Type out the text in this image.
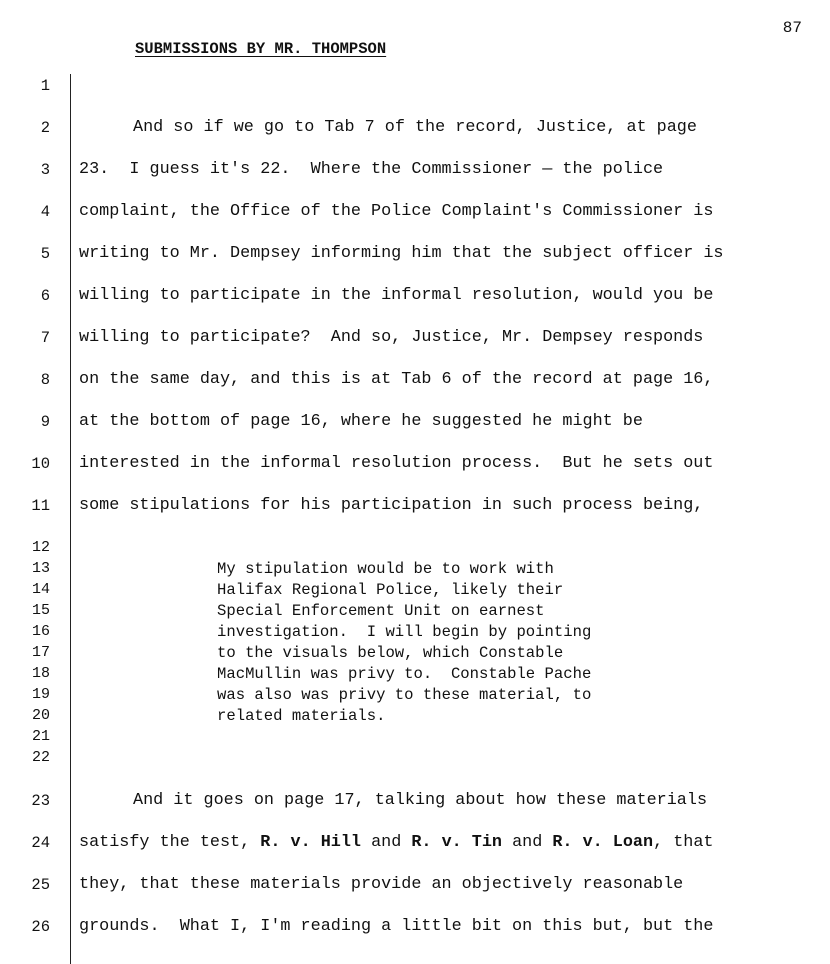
87
SUBMISSIONS BY MR. THOMPSON
1
2
3
4
5
6
7
8
9
10
11
12
13
14
15
16
17
18
19
20
21
22
23
24
25
26
And so if we go to Tab 7 of the record, Justice, at page
23.  I guess it's 22.  Where the Commissioner — the police
complaint, the Office of the Police Complaint's Commissioner is
writing to Mr. Dempsey informing him that the subject officer is
willing to participate in the informal resolution, would you be
willing to participate?  And so, Justice, Mr. Dempsey responds
on the same day, and this is at Tab 6 of the record at page 16,
at the bottom of page 16, where he suggested he might be
interested in the informal resolution process.  But he sets out
some stipulations for his participation in such process being,
My stipulation would be to work with
Halifax Regional Police, likely their
Special Enforcement Unit on earnest
investigation.  I will begin by pointing
to the visuals below, which Constable
MacMullin was privy to.  Constable Pache
was also was privy to these material, to
related materials.
And it goes on page 17, talking about how these materials
satisfy the test, R. v. Hill and R. v. Tin and R. v. Loan, that
they, that these materials provide an objectively reasonable
grounds.  What I, I'm reading a little bit on this but, but the
